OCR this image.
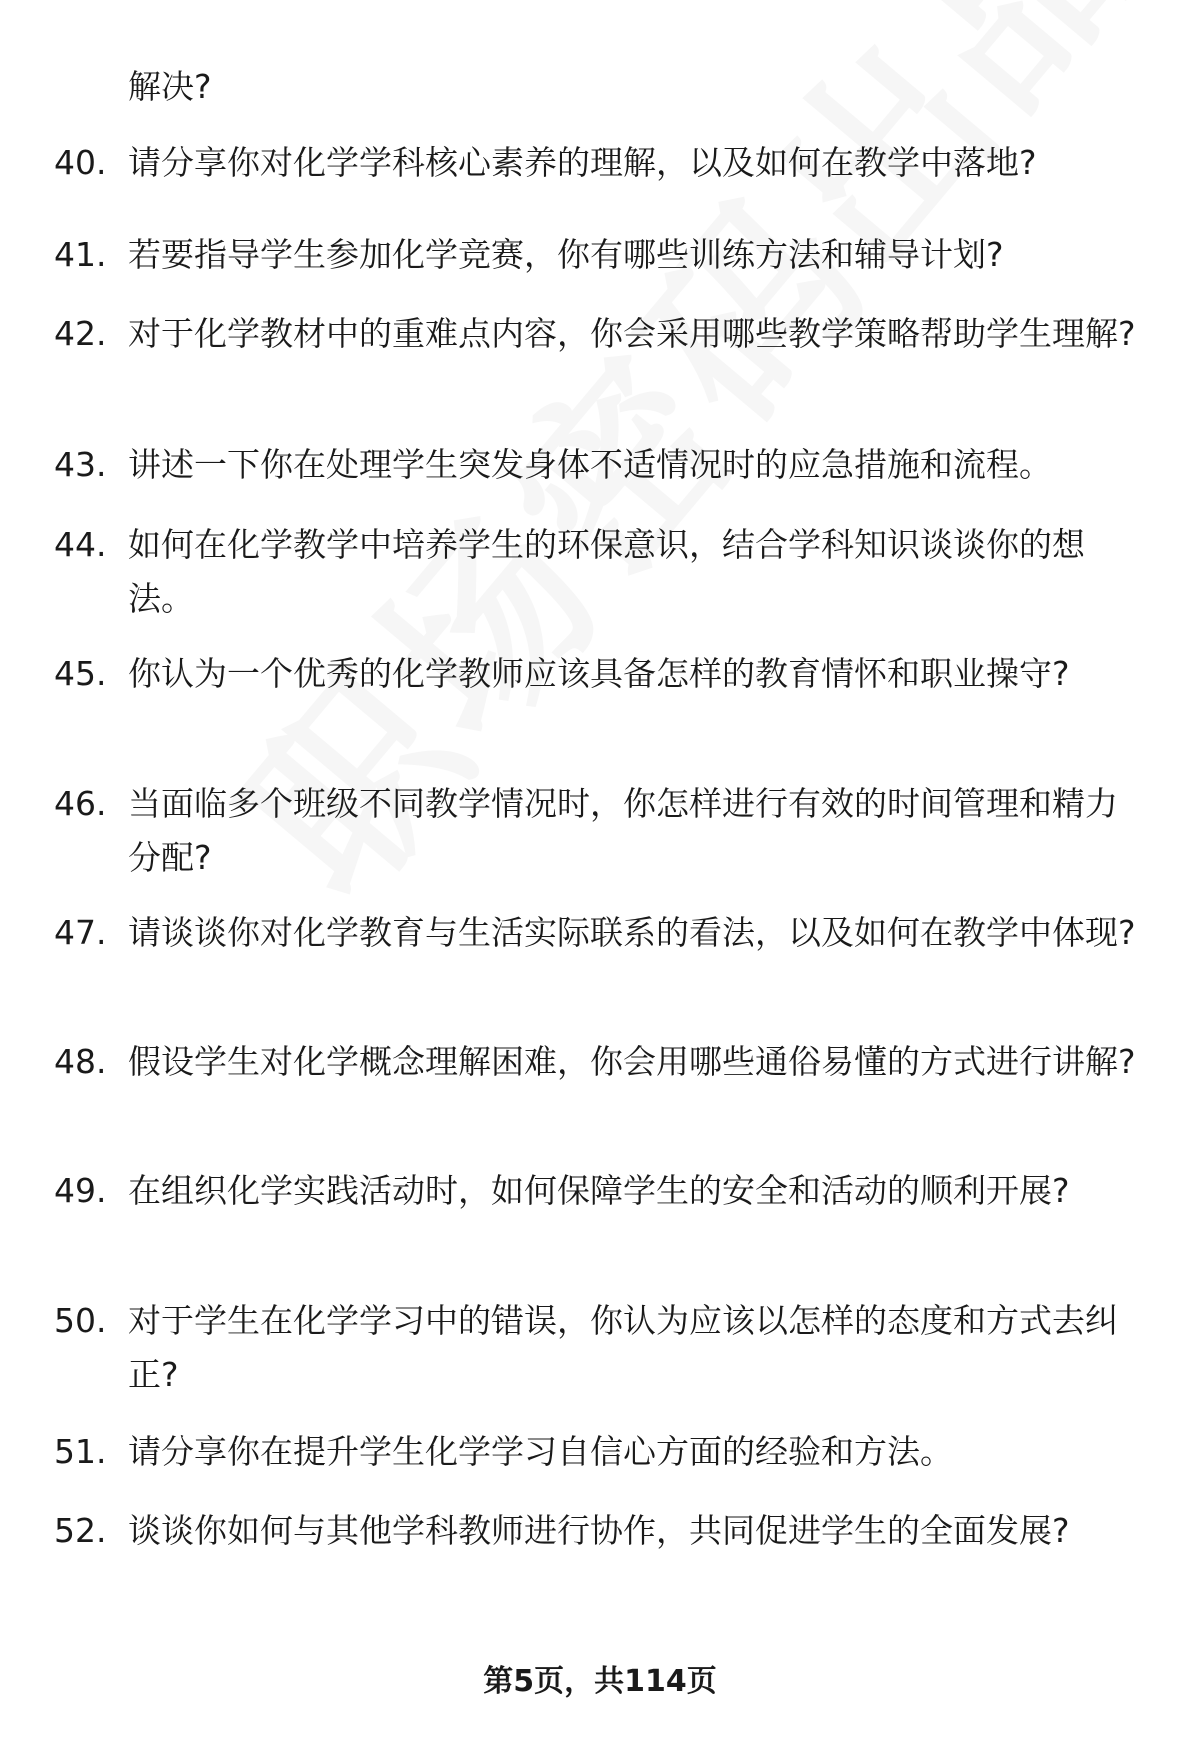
解决?
40. 请分享你对化学学科核心素养的理解，以及如何在教学中落地?
41. 若要指导学生参加化学竞赛，你有哪些训练方法和辅导计划?
42. 对于化学教材中的重难点内容，你会采用哪些教学策略帮助学生理解?
43. 讲述一下你在处理学生突发身体不适情况时的应急措施和流程。
44. 如何在化学教学中培养学生的环保意识，结合学科知识谈谈你的想法。
45. 你认为一个优秀的化学教师应该具备怎样的教育情怀和职业操守?
46. 当面临多个班级不同教学情况时，你怎样进行有效的时间管理和精力分配?
47. 请谈谈你对化学教育与生活实际联系的看法，以及如何在教学中体现?
48. 假设学生对化学概念理解困难，你会用哪些通俗易懂的方式进行讲解?
49. 在组织化学实践活动时，如何保障学生的安全和活动的顺利开展?
50. 对于学生在化学学习中的错误，你认为应该以怎样的态度和方式去纠正?
51. 请分享你在提升学生化学学习自信心方面的经验和方法。
52. 谈谈你如何与其他学科教师进行协作，共同促进学生的全面发展?
第5页，共114页
